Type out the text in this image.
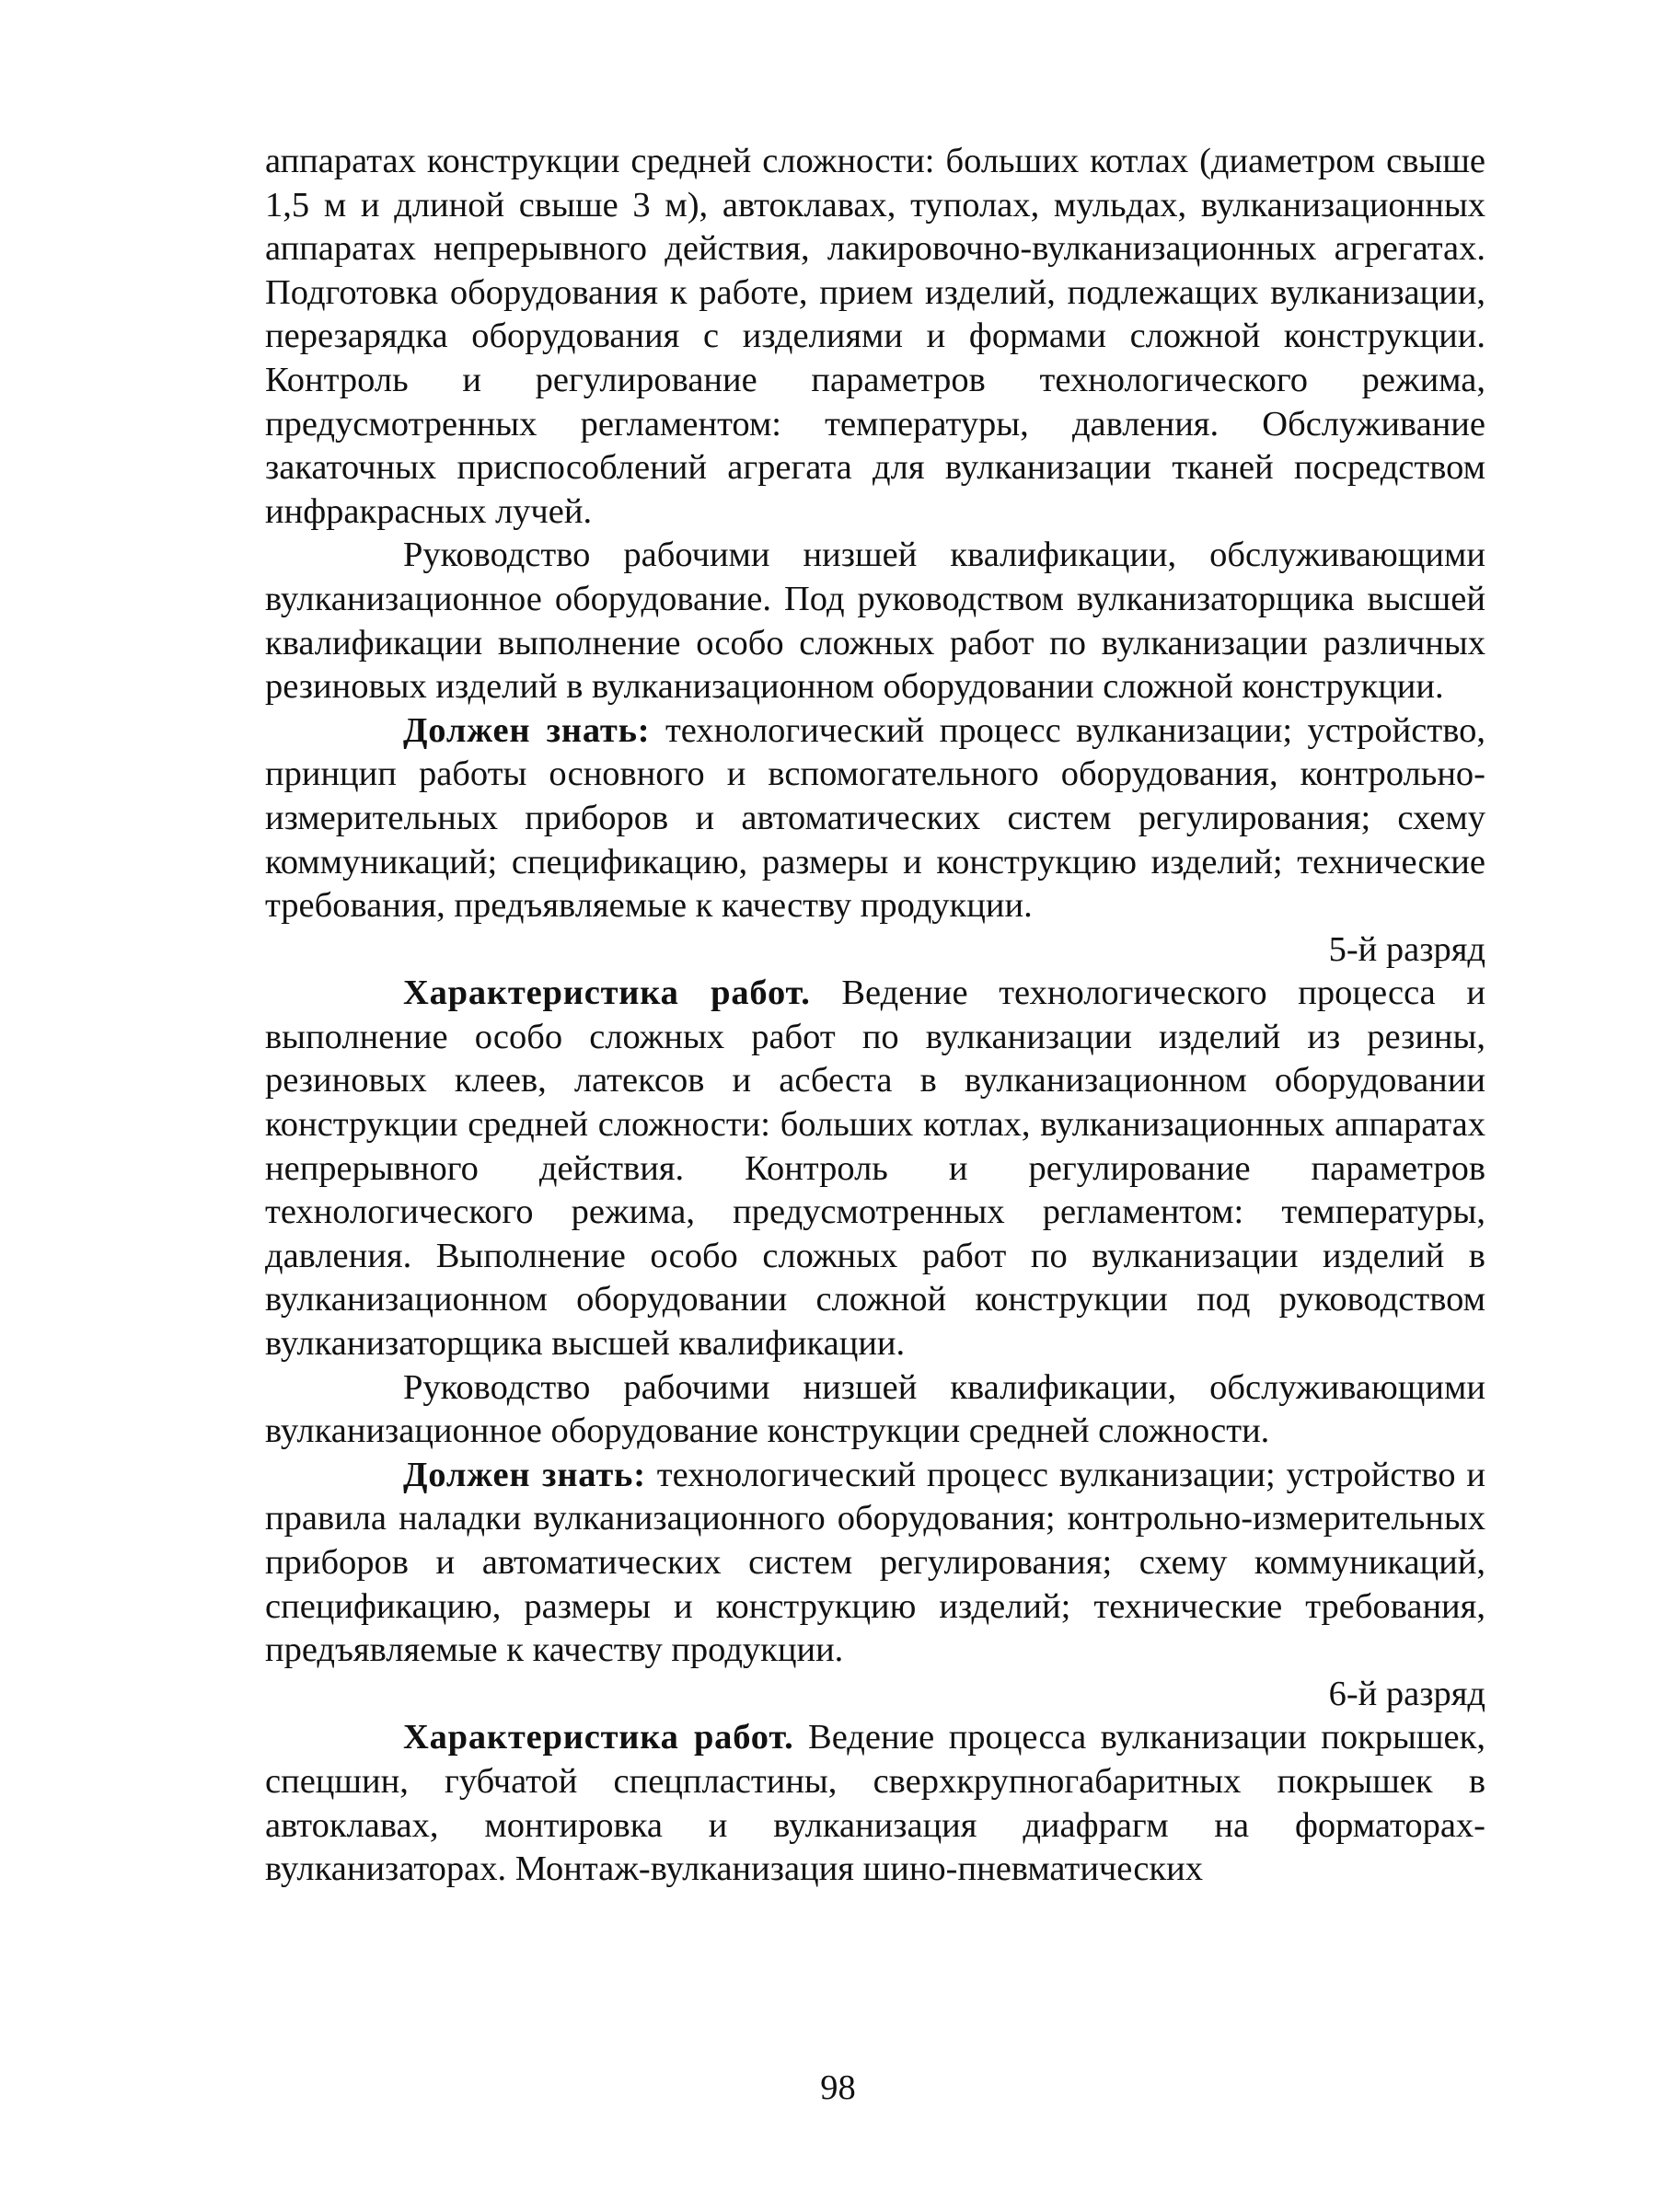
аппаратах конструкции средней сложности: больших котлах (диаметром свыше 1,5 м и длиной свыше 3 м), автоклавах, туполах, мульдах, вулканизационных аппаратах непрерывного действия, лакировочно-вулканизационных агрегатах. Подготовка оборудования к работе, прием изделий, подлежащих вулканизации, перезарядка оборудования с изделиями и формами сложной конструкции. Контроль и регулирование параметров технологического режима, предусмотренных регламентом: температуры, давления. Обслуживание закаточных приспособлений агрегата для вулканизации тканей посредством инфракрасных лучей.

Руководство рабочими низшей квалификации, обслуживающими вулканизационное оборудование. Под руководством вулканизаторщика высшей квалификации выполнение особо сложных работ по вулканизации различных резиновых изделий в вулканизационном оборудовании сложной конструкции.

Должен знать: технологический процесс вулканизации; устройство, принцип работы основного и вспомогательного оборудования, контрольно-измерительных приборов и автоматических систем регулирования; схему коммуникаций; спецификацию, размеры и конструкцию изделий; технические требования, предъявляемые к качеству продукции.

5-й разряд

Характеристика работ. Ведение технологического процесса и выполнение особо сложных работ по вулканизации изделий из резины, резиновых клеев, латексов и асбеста в вулканизационном оборудовании конструкции средней сложности: больших котлах, вулканизационных аппаратах непрерывного действия. Контроль и регулирование параметров технологического режима, предусмотренных регламентом: температуры, давления. Выполнение особо сложных работ по вулканизации изделий в вулканизационном оборудовании сложной конструкции под руководством вулканизаторщика высшей квалификации.

Руководство рабочими низшей квалификации, обслуживающими вулканизационное оборудование конструкции средней сложности.

Должен знать: технологический процесс вулканизации; устройство и правила наладки вулканизационного оборудования; контрольно-измерительных приборов и автоматических систем регулирования; схему коммуникаций, спецификацию, размеры и конструкцию изделий; технические требования, предъявляемые к качеству продукции.

6-й разряд

Характеристика работ. Ведение процесса вулканизации покрышек, спецшин, губчатой спецпластины, сверхкрупногабаритных покрышек в автоклавах, монтировка и вулканизация диафрагм на форматорах-вулканизаторах. Монтаж-вулканизация шино-пневматических

98
